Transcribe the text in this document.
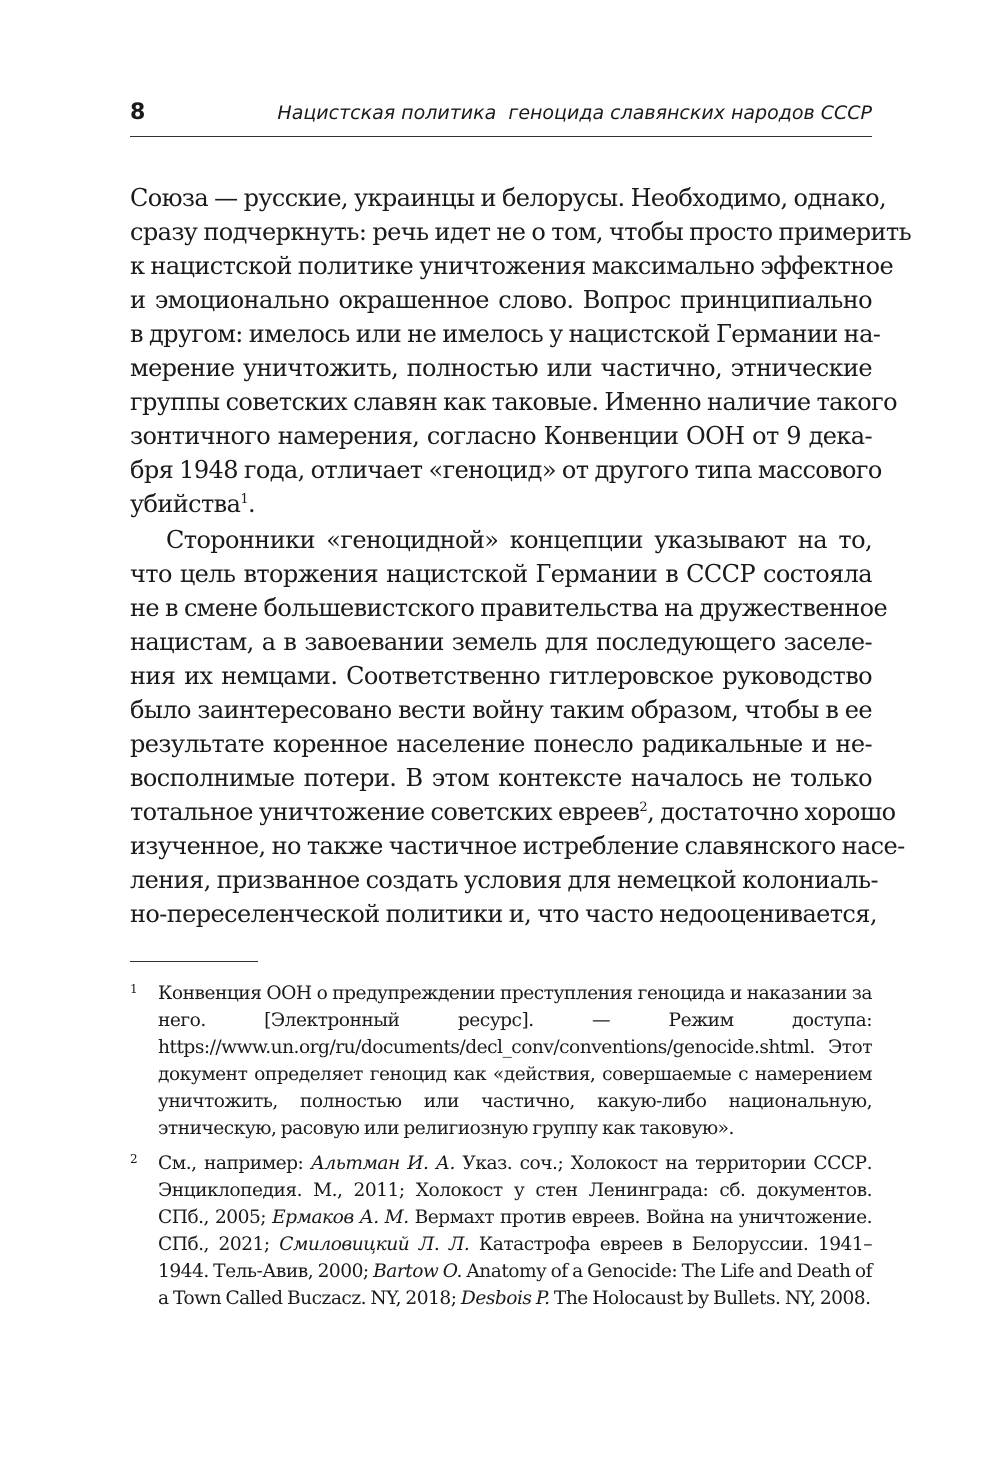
8	Нацистская политика  геноцида славянских народов СССР
Союза — русские, украинцы и белорусы. Необходимо, однако,
сразу подчеркнуть: речь идет не о том, чтобы просто примерить
к нацистской политике уничтожения максимально эффектное
и эмоционально окрашенное слово. Вопрос принципиально
в другом: имелось или не имелось у нацистской Германии на-
мерение уничтожить, полностью или частично, этнические
группы советских славян как таковые. Именно наличие такого
зонтичного намерения, согласно Конвенции ООН от 9 дека-
бря 1948 года, отличает «геноцид» от другого типа массового
убийства$^1$.
Сторонники «геноцидной» концепции указывают на то,
что цель вторжения нацистской Германии в СССР состояла
не в смене большевистского правительства на дружественное
нацистам, а в завоевании земель для последующего заселе-
ния их немцами. Соответственно гитлеровское руководство
было заинтересовано вести войну таким образом, чтобы в ее
результате коренное население понесло радикальные и не-
восполнимые потери. В этом контексте началось не только
тотальное уничтожение советских евреев$^2$, достаточно хорошо
изученное, но также частичное истребление славянского насе-
ления, призванное создать условия для немецкой колониаль-
но-переселенческой политики и, что часто недооценивается,
1 Конвенция ООН о предупреждении преступления геноцида и наказании за него. [Электронный ресурс]. — Режим доступа: https://www.un.org/ru/documents/decl_conv/conventions/genocide.shtml. Этот документ определяет геноцид как «действия, совершаемые с намерением уничтожить, полностью или частично, какую-либо национальную, этническую, расовую или религиозную группу как таковую».
2 См., например: Альтман И. А. Указ. соч.; Холокост на территории СССР. Энциклопедия. М., 2011; Холокост у стен Ленинграда: сб. документов. СПб., 2005; Ермаков А. М. Вермахт против евреев. Война на уничтожение. СПб., 2021; Смиловицкий Л. Л. Катастрофа евреев в Белоруссии. 1941–1944. Тель-Авив, 2000; Bartow O. Anatomy of a Genocide: The Life and Death of a Town Called Buczacz. NY, 2018; Desbois P. The Holocaust by Bullets. NY, 2008.
